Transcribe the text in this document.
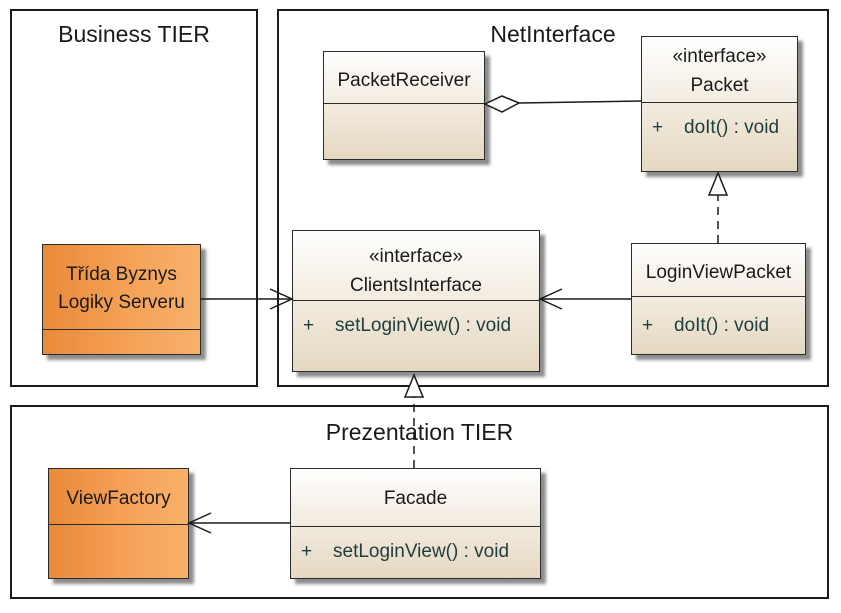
Business TIER	NetInterface
Prezentation TIER
PacketReceiver
«interface»
Packet
+ doIt() : void
Třída Byznys
Logiky Serveru
«interface»
ClientsInterface
+ setLoginView() : void
LoginViewPacket
+ doIt() : void
ViewFactory	Facade
+ setLoginView() : void
